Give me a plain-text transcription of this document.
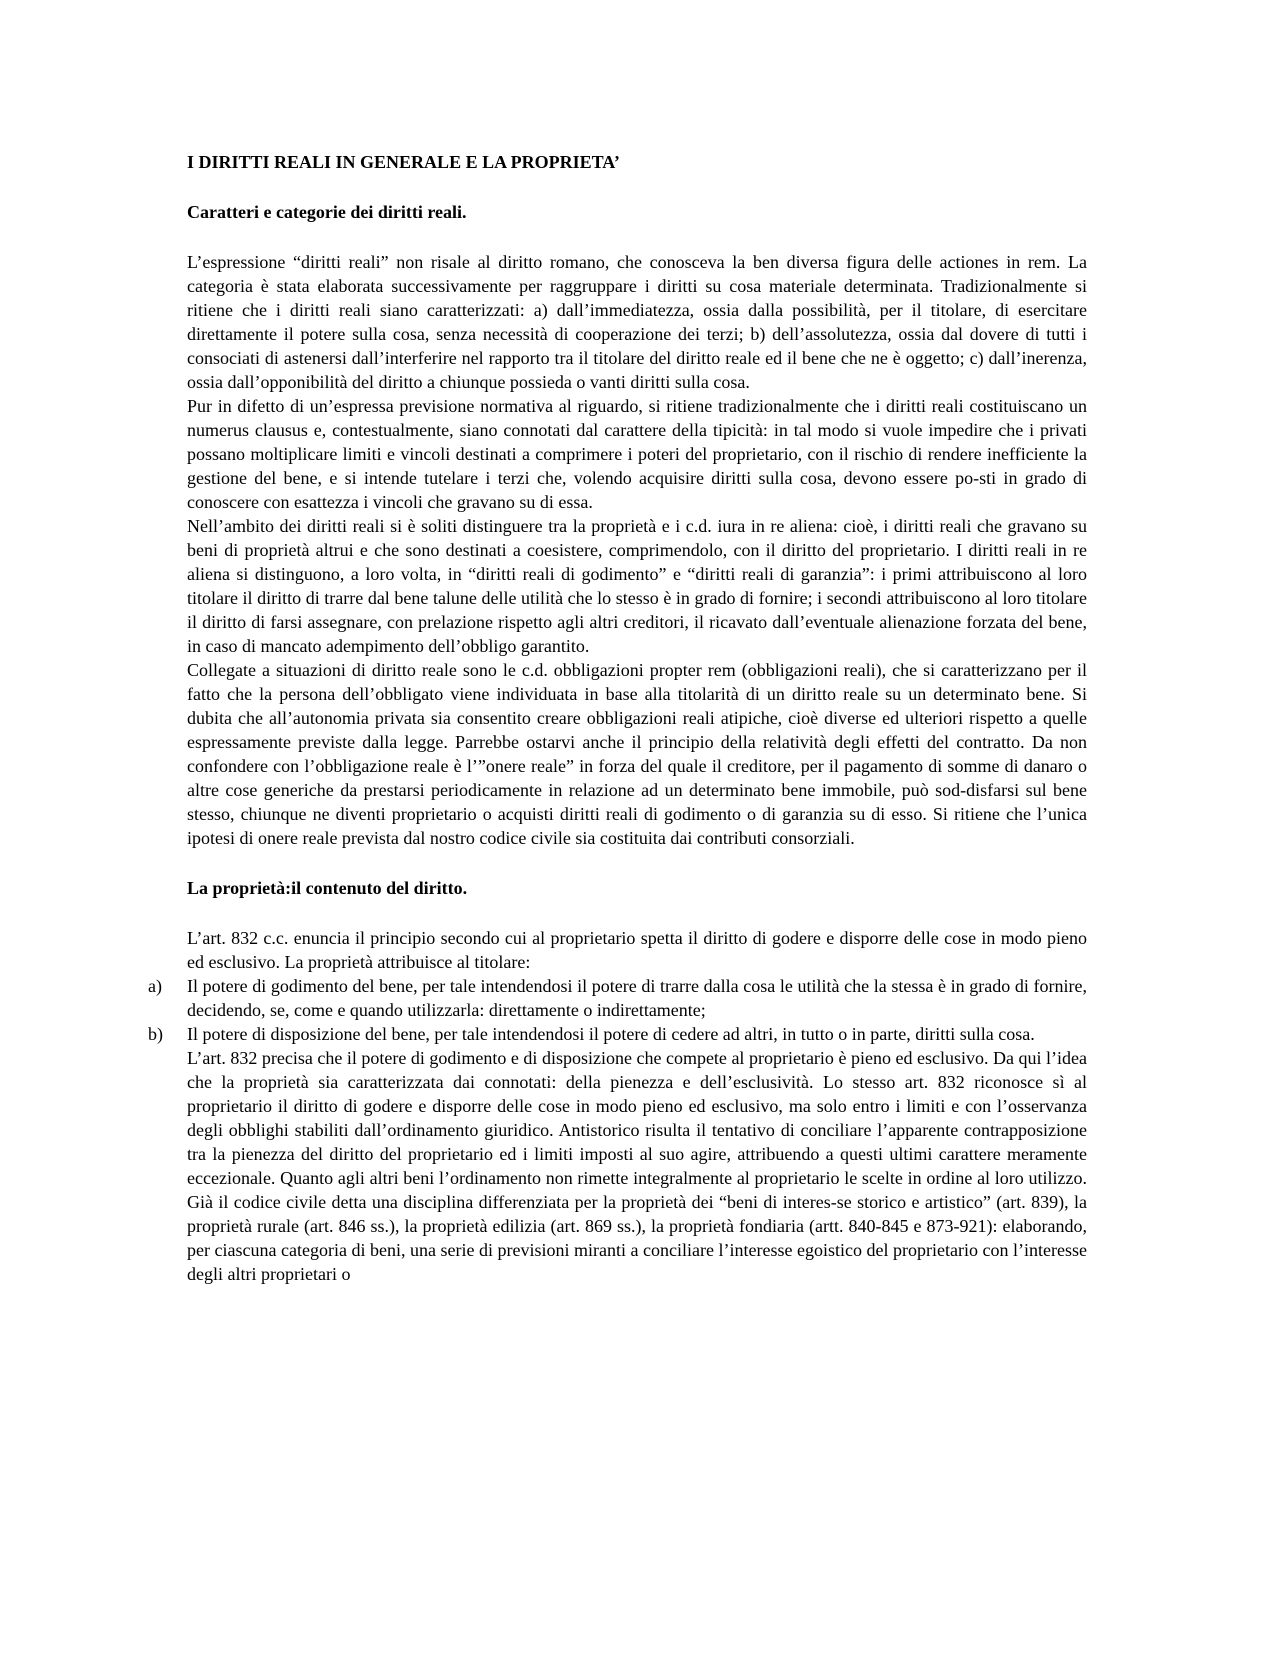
I DIRITTI REALI IN GENERALE E LA PROPRIETA’
Caratteri e categorie dei diritti reali.

L’espressione “diritti reali” non risale al diritto romano, che conosceva la ben diversa figura delle actiones in rem. La categoria è stata elaborata successivamente per raggruppare i diritti su cosa materiale determinata. Tradizionalmente si ritiene che i diritti reali siano caratterizzati: a) dall’immediatezza, ossia dalla possibilità, per il titolare, di esercitare direttamente il potere sulla cosa, senza necessità di cooperazione dei terzi; b) dell’assolutezza, ossia dal dovere di tutti i consociati di astenersi dall’interferire nel rapporto tra il titolare del diritto reale ed il bene che ne è oggetto; c) dall’inerenza, ossia dall’opponibilità del diritto a chiunque possieda o vanti diritti sulla cosa.

Pur in difetto di un’espressa previsione normativa al riguardo, si ritiene tradizionalmente che i diritti reali costituiscano un numerus clausus e, contestualmente, siano connotati dal carattere della tipicità: in tal modo si vuole impedire che i privati possano moltiplicare limiti e vincoli destinati a comprimere i poteri del proprietario, con il rischio di rendere inefficiente la gestione del bene, e si intende tutelare i terzi che, volendo acquisire diritti sulla cosa, devono essere po-sti in grado di conoscere con esattezza i vincoli che gravano su di essa.

Nell’ambito dei diritti reali si è soliti distinguere tra la proprietà e i c.d. iura in re aliena: cioè, i diritti reali che gravano su beni di proprietà altrui e che sono destinati a coesistere, comprimendolo, con il diritto del proprietario. I diritti reali in re aliena si distinguono, a loro volta, in “diritti reali di godimento” e “diritti reali di garanzia”: i primi attribuiscono al loro titolare il diritto di trarre dal bene talune delle utilità che lo stesso è in grado di fornire; i secondi attribuiscono al loro titolare il diritto di farsi assegnare, con prelazione rispetto agli altri creditori, il ricavato dall’eventuale alienazione forzata del bene, in caso di mancato adempimento dell’obbligo garantito.

Collegate a situazioni di diritto reale sono le c.d. obbligazioni propter rem (obbligazioni reali), che si caratterizzano per il fatto che la persona dell’obbligato viene individuata in base alla titolarità di un diritto reale su un determinato bene. Si dubita che all’autonomia privata sia consentito creare obbligazioni reali atipiche, cioè diverse ed ulteriori rispetto a quelle espressamente previste dalla legge. Parrebbe ostarvi anche il principio della relatività degli effetti del contratto. Da non confondere con l’obbligazione reale è l’”onere reale” in forza del quale il creditore, per il pagamento di somme di danaro o altre cose generiche da prestarsi periodicamente in relazione ad un determinato bene immobile, può sod-disfarsi sul bene stesso, chiunque ne diventi proprietario o acquisti diritti reali di godimento o di garanzia su di esso. Si ritiene che l’unica ipotesi di onere reale prevista dal nostro codice civile sia costituita dai contributi consorziali.

La proprietà:il contenuto del diritto.

L’art. 832 c.c. enuncia il principio secondo cui al proprietario spetta il diritto di godere e disporre delle cose in modo pieno ed esclusivo. La proprietà attribuisce al titolare:

a) Il potere di godimento del bene, per tale intendendosi il potere di trarre dalla cosa le utilità che la stessa è in grado di fornire, decidendo, se, come e quando utilizzarla: direttamente o indirettamente;

b) Il potere di disposizione del bene, per tale intendendosi il potere di cedere ad altri, in tutto o in parte, diritti sulla cosa.

L’art. 832 precisa che il potere di godimento e di disposizione che compete al proprietario è pieno ed esclusivo. Da qui l’idea che la proprietà sia caratterizzata dai connotati: della pienezza e dell’esclusività. Lo stesso art. 832 riconosce sì al proprietario il diritto di godere e disporre delle cose in modo pieno ed esclusivo, ma solo entro i limiti e con l’osservanza degli obblighi stabiliti dall’ordinamento giuridico. Antistorico risulta il tentativo di conciliare l’apparente contrapposizione tra la pienezza del diritto del proprietario ed i limiti imposti al suo agire, attribuendo a questi ultimi carattere meramente eccezionale. Quanto agli altri beni l’ordinamento non rimette integralmente al proprietario le scelte in ordine al loro utilizzo. Già il codice civile detta una disciplina differenziata per la proprietà dei “beni di interes-se storico e artistico” (art. 839), la proprietà rurale (art. 846 ss.), la proprietà edilizia (art. 869 ss.), la proprietà fondiaria (artt. 840-845 e 873-921): elaborando, per ciascuna categoria di beni, una serie di previsioni miranti a conciliare l’interesse egoistico del proprietario con l’interesse degli altri proprietari o
